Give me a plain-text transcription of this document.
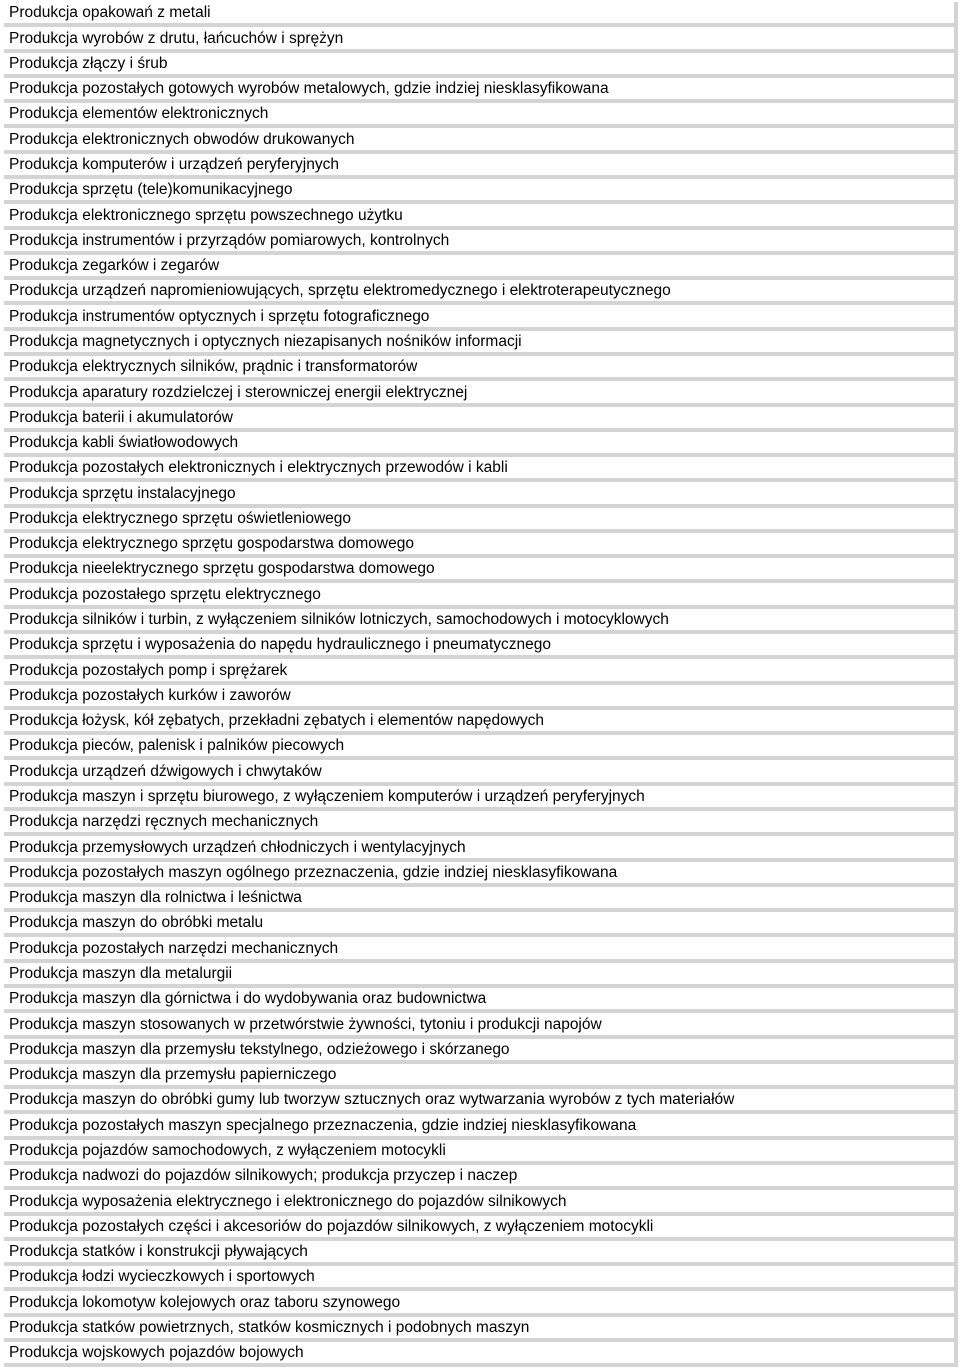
Produkcja opakowań z metali
Produkcja wyrobów z drutu, łańcuchów i sprężyn
Produkcja złączy i śrub
Produkcja pozostałych gotowych wyrobów metalowych, gdzie indziej niesklasyfikowana
Produkcja elementów elektronicznych
Produkcja elektronicznych obwodów drukowanych
Produkcja komputerów i urządzeń peryferyjnych
Produkcja sprzętu (tele)komunikacyjnego
Produkcja elektronicznego sprzętu powszechnego użytku
Produkcja instrumentów i przyrządów pomiarowych, kontrolnych
Produkcja zegarków i zegarów
Produkcja urządzeń napromieniowujących, sprzętu elektromedycznego i elektroterapeutycznego
Produkcja instrumentów optycznych i sprzętu fotograficznego
Produkcja magnetycznych i optycznych niezapisanych nośników informacji
Produkcja elektrycznych silników, prądnic i transformatorów
Produkcja aparatury rozdzielczej i sterowniczej energii elektrycznej
Produkcja baterii i akumulatorów
Produkcja kabli światłowodowych
Produkcja pozostałych elektronicznych i elektrycznych przewodów i kabli
Produkcja sprzętu instalacyjnego
Produkcja elektrycznego sprzętu oświetleniowego
Produkcja elektrycznego sprzętu gospodarstwa domowego
Produkcja nieelektrycznego sprzętu gospodarstwa domowego
Produkcja pozostałego sprzętu elektrycznego
Produkcja silników i turbin, z wyłączeniem silników lotniczych, samochodowych i motocyklowych
Produkcja sprzętu i wyposażenia do napędu hydraulicznego i pneumatycznego
Produkcja pozostałych pomp i sprężarek
Produkcja pozostałych kurków i zaworów
Produkcja łożysk, kół zębatych, przekładni zębatych i elementów napędowych
Produkcja pieców, palenisk i palników piecowych
Produkcja urządzeń dźwigowych i chwytaków
Produkcja maszyn i sprzętu biurowego, z wyłączeniem komputerów i urządzeń peryferyjnych
Produkcja narzędzi ręcznych mechanicznych
Produkcja przemysłowych urządzeń chłodniczych i wentylacyjnych
Produkcja pozostałych maszyn ogólnego przeznaczenia, gdzie indziej niesklasyfikowana
Produkcja maszyn dla rolnictwa i leśnictwa
Produkcja maszyn do obróbki metalu
Produkcja pozostałych narzędzi mechanicznych
Produkcja maszyn dla metalurgii
Produkcja maszyn dla górnictwa i do wydobywania oraz budownictwa
Produkcja maszyn stosowanych w przetwórstwie żywności, tytoniu i produkcji napojów
Produkcja maszyn dla przemysłu tekstylnego, odzieżowego i skórzanego
Produkcja maszyn dla przemysłu papierniczego
Produkcja maszyn do obróbki gumy lub tworzyw sztucznych oraz wytwarzania wyrobów z tych materiałów
Produkcja pozostałych maszyn specjalnego przeznaczenia, gdzie indziej niesklasyfikowana
Produkcja pojazdów samochodowych, z wyłączeniem motocykli
Produkcja nadwozi do pojazdów silnikowych; produkcja przyczep i naczep
Produkcja wyposażenia elektrycznego i elektronicznego do pojazdów silnikowych
Produkcja pozostałych części i akcesoriów do pojazdów silnikowych, z wyłączeniem motocykli
Produkcja statków i konstrukcji pływających
Produkcja łodzi wycieczkowych i sportowych
Produkcja lokomotyw kolejowych oraz taboru szynowego
Produkcja statków powietrznych, statków kosmicznych i podobnych maszyn
Produkcja wojskowych pojazdów bojowych
